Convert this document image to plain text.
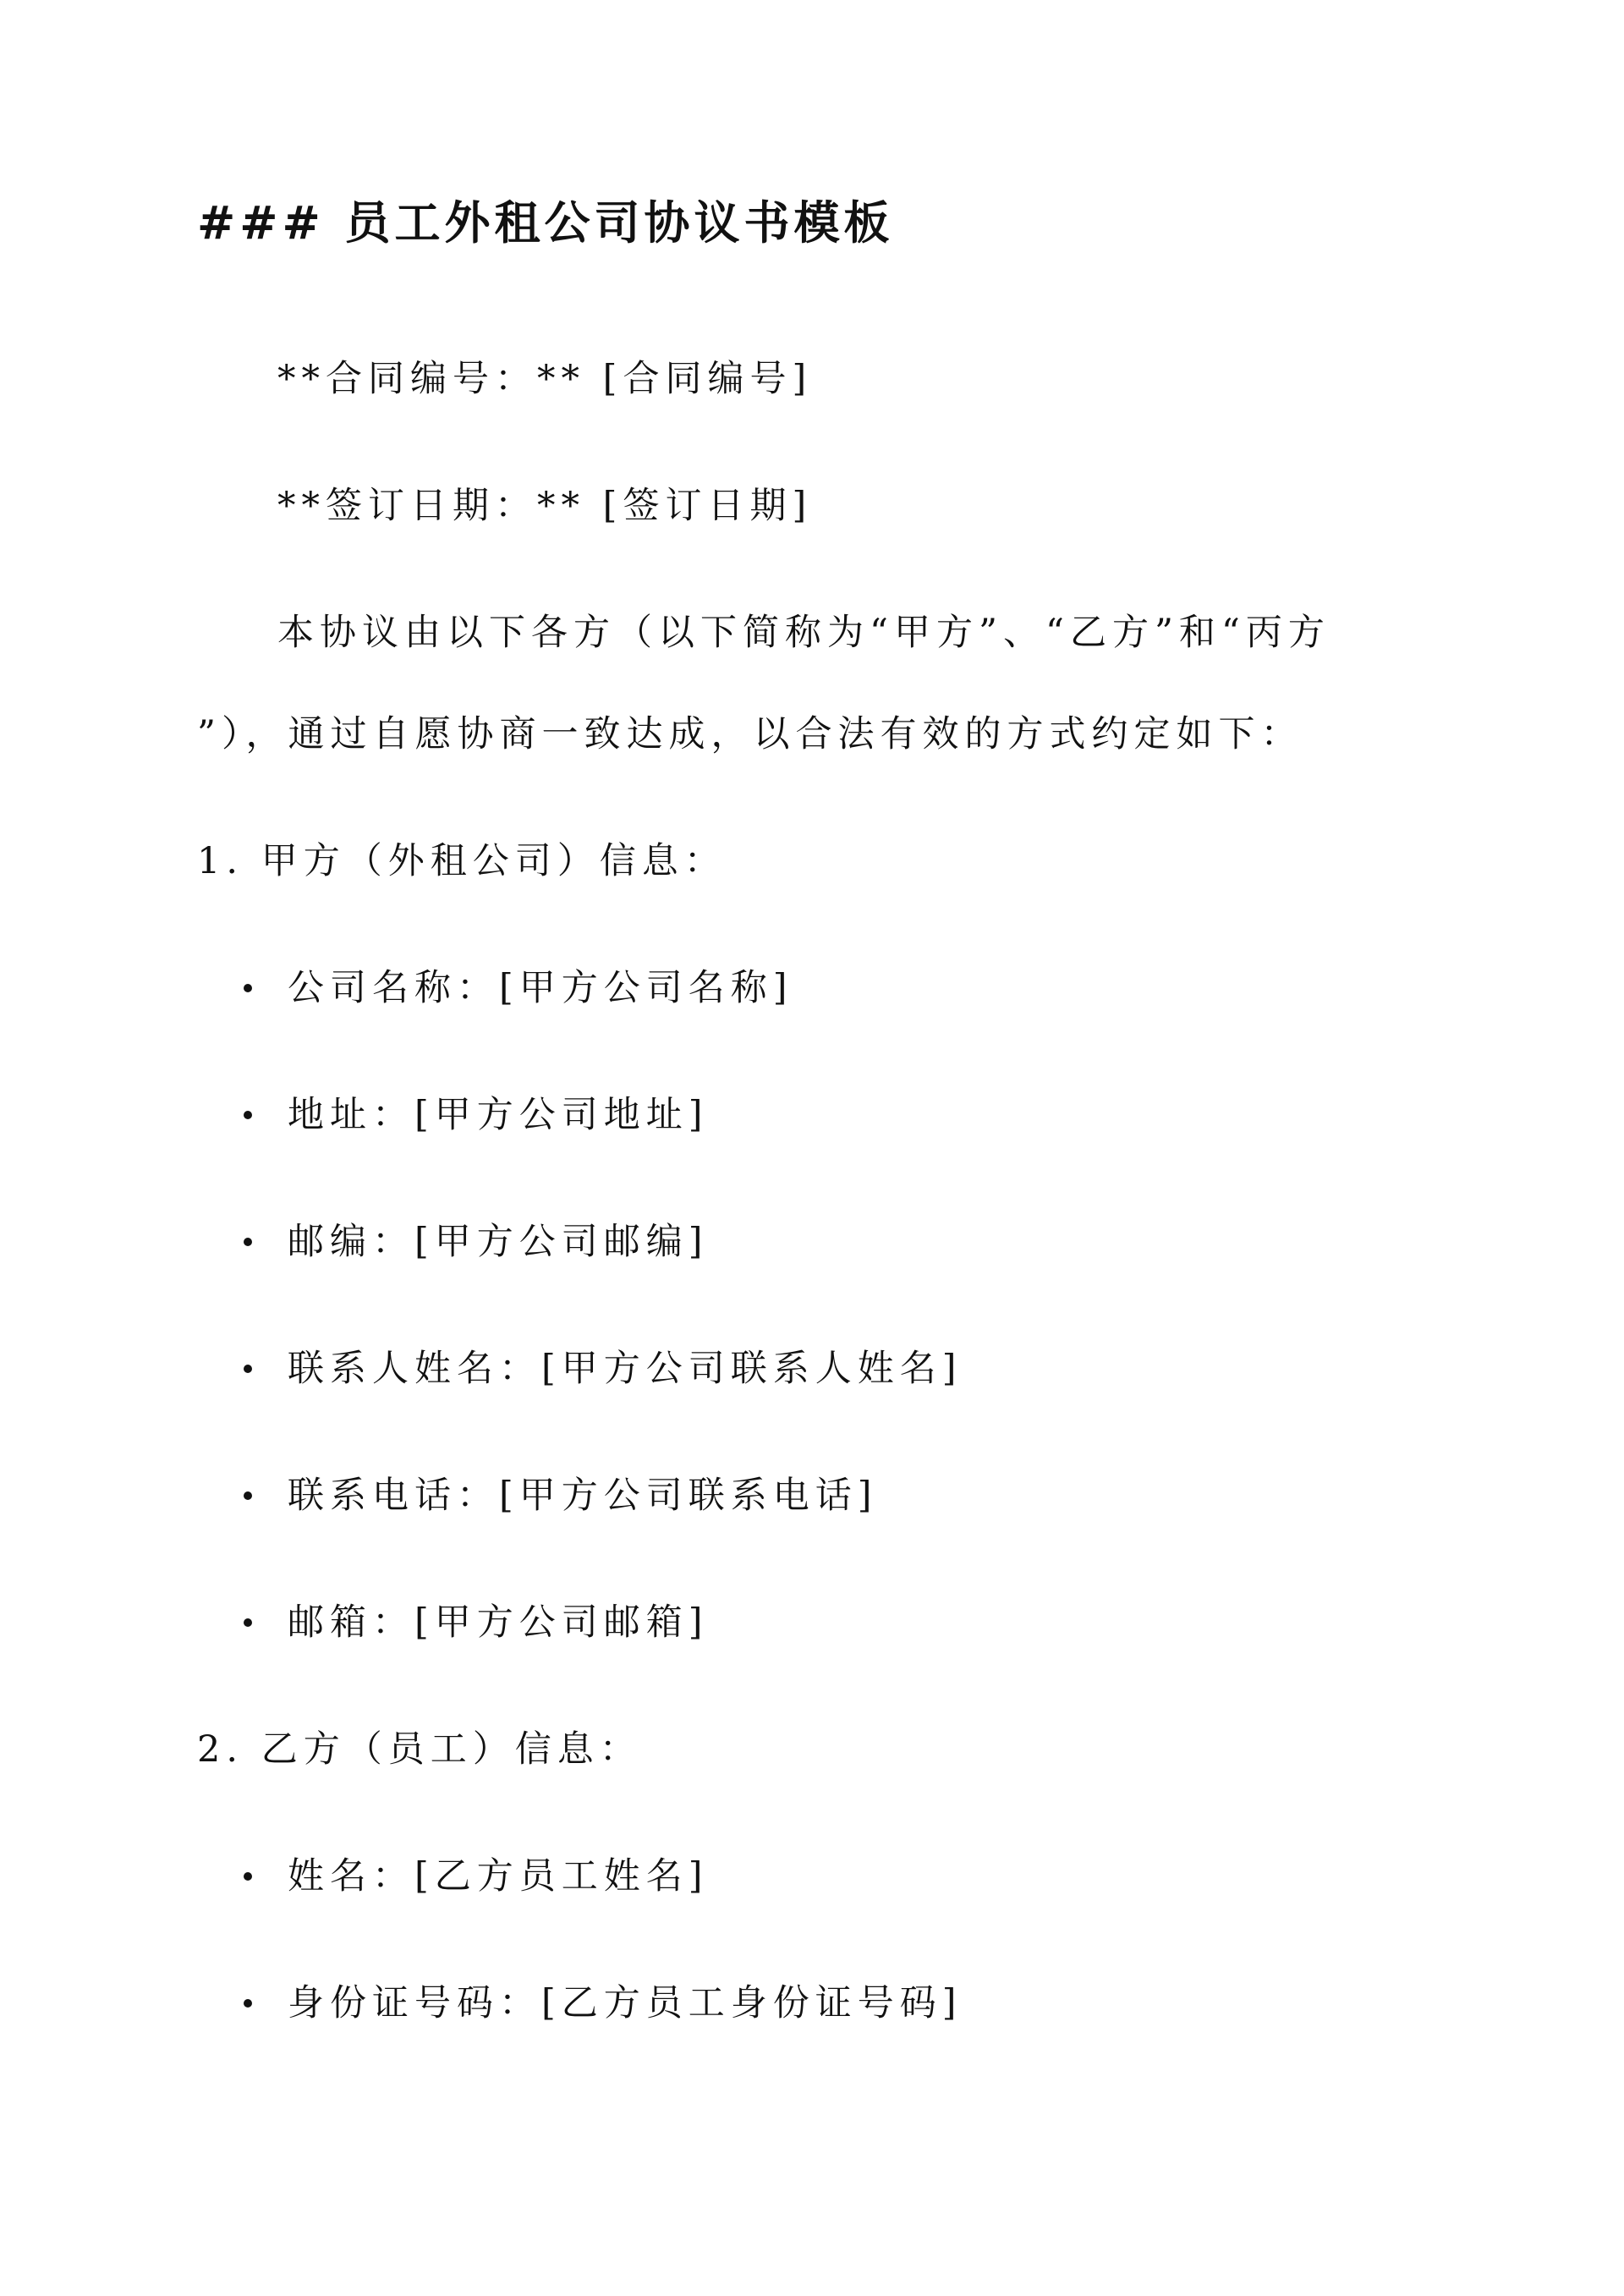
### 员工外租公司协议书模板
**合同编号：** [合同编号]
**签订日期：** [签订日期]
本协议由以下各方（以下简称为“甲方”、“乙方”和“丙方
”），通过自愿协商一致达成，以合法有效的方式约定如下：
1. 甲方（外租公司）信息：
公司名称：[甲方公司名称]
地址：[甲方公司地址]
邮编：[甲方公司邮编]
联系人姓名：[甲方公司联系人姓名]
联系电话：[甲方公司联系电话]
邮箱：[甲方公司邮箱]
2. 乙方（员工）信息：
姓名：[乙方员工姓名]
身份证号码：[乙方员工身份证号码]
